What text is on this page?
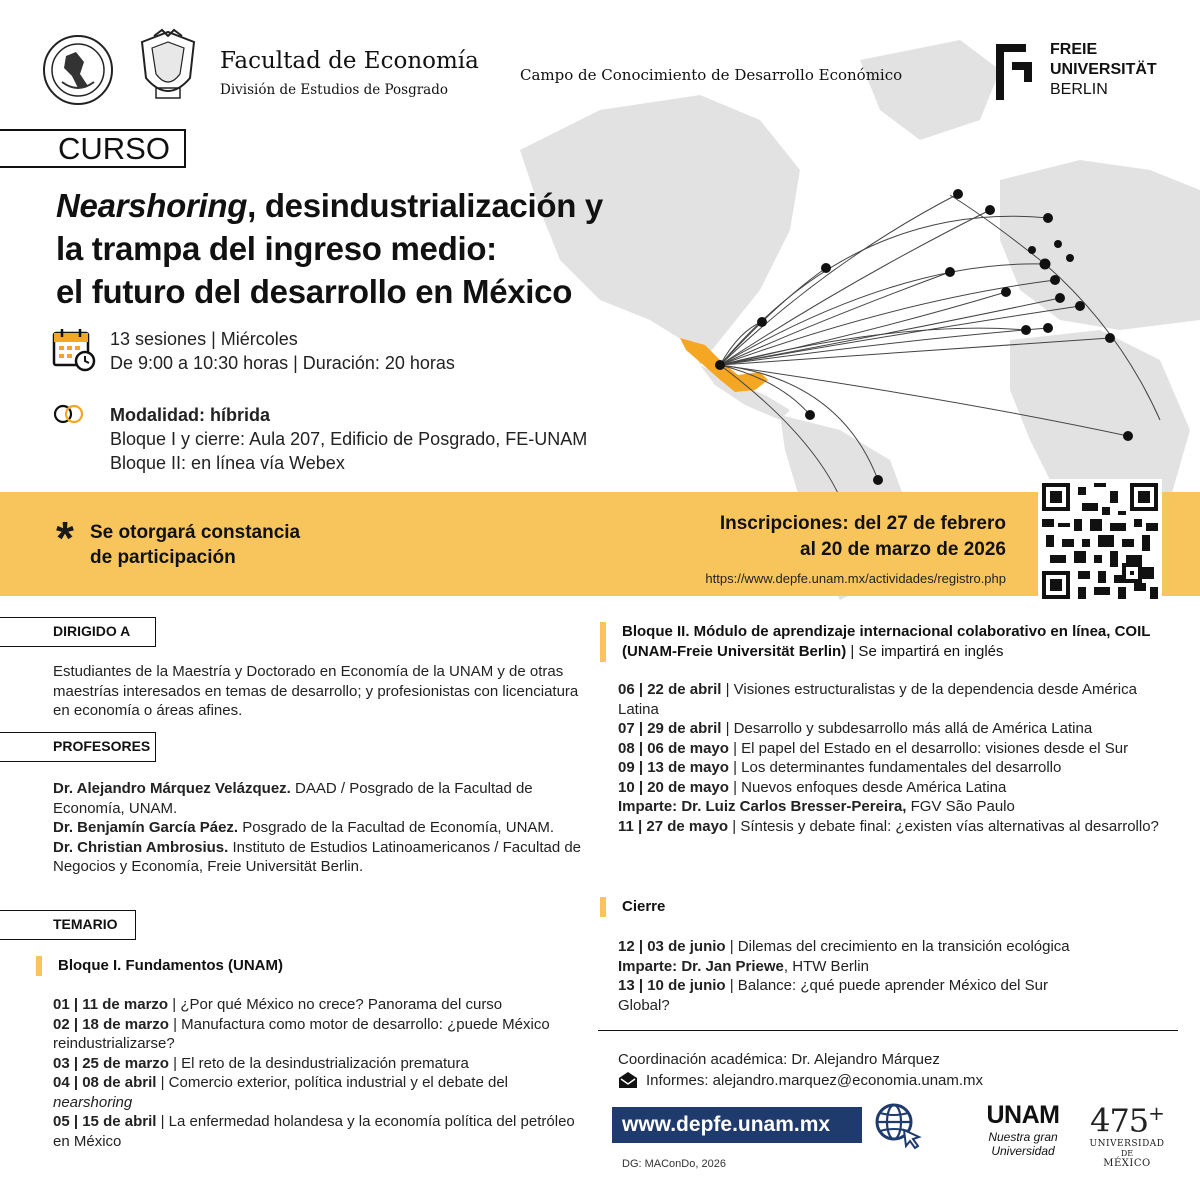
Facultad de Economía
División de Estudios de Posgrado
Campo de Conocimiento de Desarrollo Económico
FREIE
UNIVERSITÄT
BERLIN
CURSO
Nearshoring, desindustrialización y
la trampa del ingreso medio:
el futuro del desarrollo en México
13 sesiones | Miércoles
De 9:00 a 10:30 horas | Duración: 20 horas
Modalidad: híbrida
Bloque I y cierre: Aula 207, Edificio de Posgrado, FE-UNAM
Bloque II: en línea vía Webex
* Se otorgará constancia
de participación
Inscripciones: del 27 de febrero
al 20 de marzo de 2026
https://www.depfe.unam.mx/actividades/registro.php
DIRIGIDO A
Estudiantes de la Maestría y Doctorado en Economía de la UNAM y de otras maestrías interesados en temas de desarrollo; y profesionistas con licenciatura en economía o áreas afines.
PROFESORES
Dr. Alejandro Márquez Velázquez. DAAD / Posgrado de la Facultad de Economía, UNAM.
Dr. Benjamín García Páez. Posgrado de la Facultad de Economía, UNAM.
Dr. Christian Ambrosius. Instituto de Estudios Latinoamericanos / Facultad de Negocios y Economía, Freie Universität Berlin.
TEMARIO
Bloque I. Fundamentos (UNAM)
01 | 11 de marzo | ¿Por qué México no crece? Panorama del curso
02 | 18 de marzo | Manufactura como motor de desarrollo: ¿puede México reindustrializarse?
03 | 25 de marzo | El reto de la desindustrialización prematura
04 | 08 de abril | Comercio exterior, política industrial y el debate del nearshoring
05 | 15 de abril | La enfermedad holandesa y la economía política del petróleo en México
Bloque II. Módulo de aprendizaje internacional colaborativo en línea, COIL (UNAM-Freie Universität Berlin) | Se impartirá en inglés
06 | 22 de abril | Visiones estructuralistas y de la dependencia desde América Latina
07 | 29 de abril | Desarrollo y subdesarrollo más allá de América Latina
08 | 06 de mayo | El papel del Estado en el desarrollo: visiones desde el Sur
09 | 13 de mayo | Los determinantes fundamentales del desarrollo
10 | 20 de mayo | Nuevos enfoques desde América Latina
Imparte: Dr. Luiz Carlos Bresser-Pereira, FGV São Paulo
11 | 27 de mayo | Síntesis y debate final: ¿existen vías alternativas al desarrollo?
Cierre
12 | 03 de junio | Dilemas del crecimiento en la transición ecológica
Imparte: Dr. Jan Priewe, HTW Berlin
13 | 10 de junio | Balance: ¿qué puede aprender México del Sur Global?
Coordinación académica: Dr. Alejandro Márquez
Informes: alejandro.marquez@economia.unam.mx
www.depfe.unam.mx
DG: MAConDo, 2026
UNAM
Nuestra gran
Universidad
475+
UNIVERSIDAD
DE
MÉXICO
